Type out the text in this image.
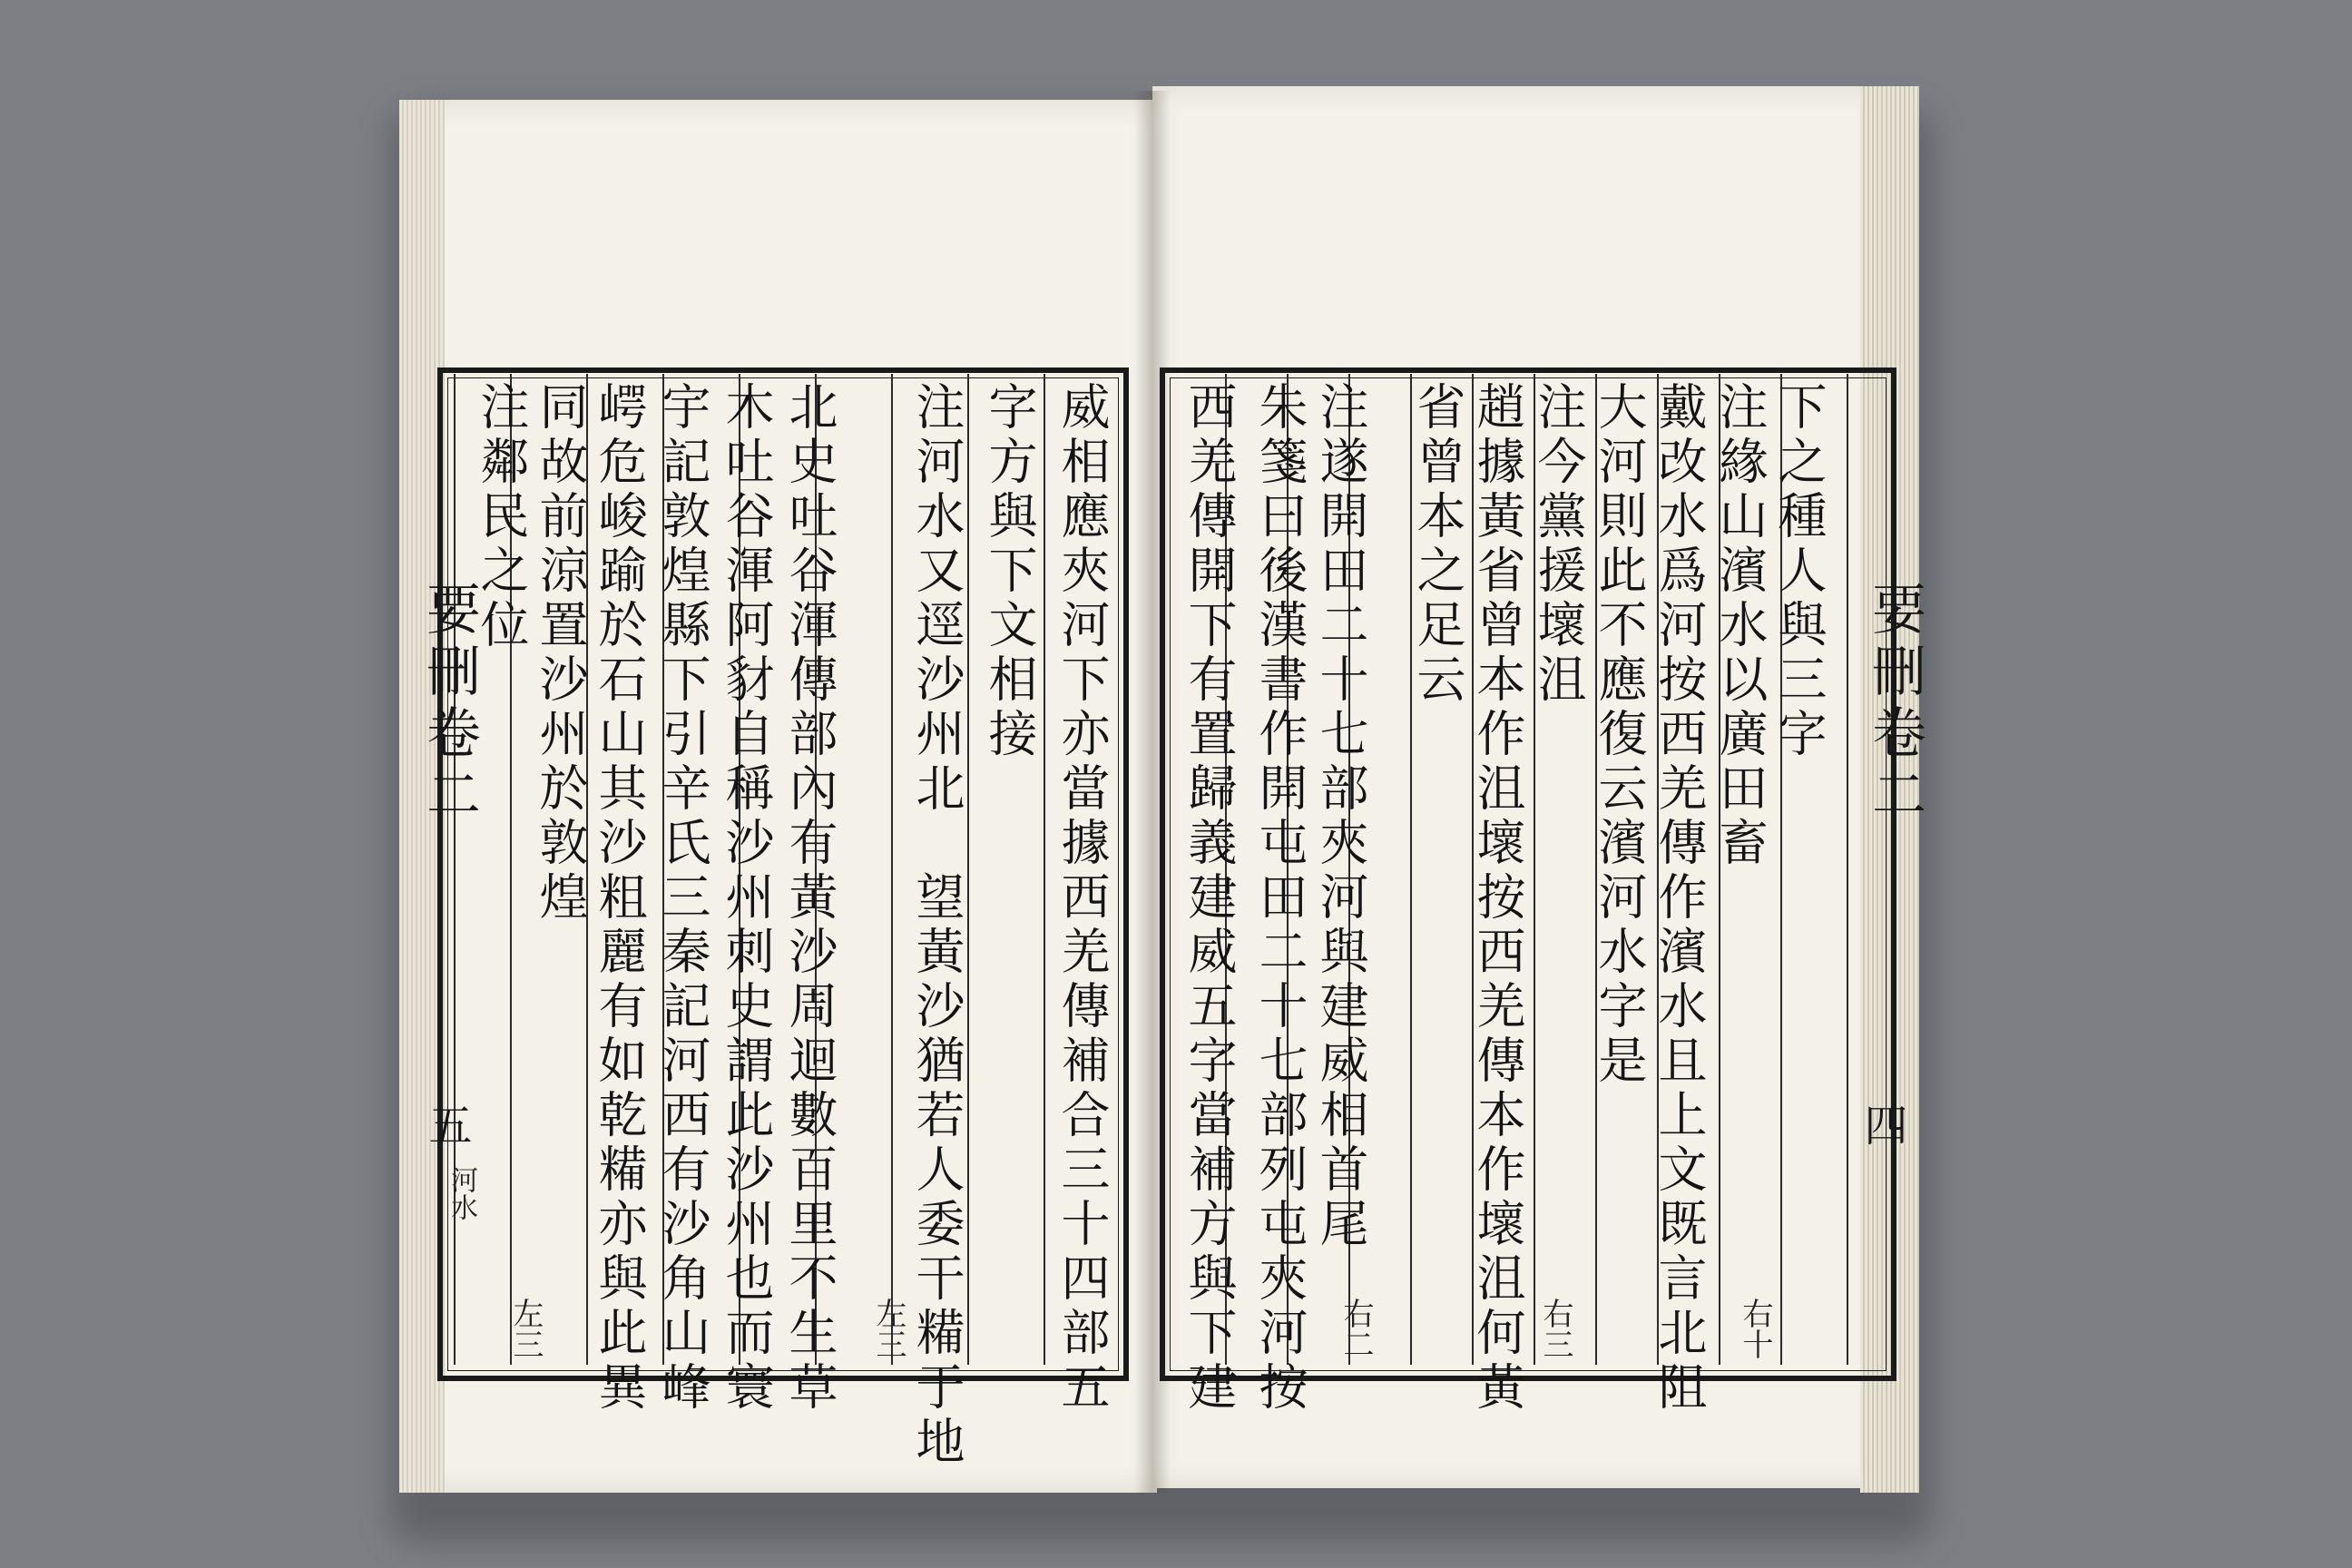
威相應夾河下亦當據西羌傳補合三十四部五
字方與下文相接
注河水又逕沙州北　望黃沙猶若人委干糒于地
北史吐谷渾傳部內有黃沙周迴數百里不生草
木吐谷渾阿豺自稱沙州刺史謂此沙州也而寰
宇記敦煌縣下引辛氏三秦記河西有沙角山峰
崿危峻踰於石山其沙粗麗有如乾糒亦與此異
同故前涼置沙州於敦煌
注鄰民之位
左三
左三
要刪卷二
五
河水
下之種人與三字
注緣山濱水以廣田畜
戴改水爲河按西羌傳作濱水且上文既言北阻
大河則此不應復云濱河水字是
注今黨援壞沮
趙據黃省曾本作沮壞按西羌傳本作壞沮何黃
省曾本之足云
注遂開田二十七部夾河與建威相首尾
朱箋曰後漢書作開屯田二十七部列屯夾河按
西羌傳開下有置歸義建威五字當補方與下建	右十
右三
右二
要刪卷二
四
